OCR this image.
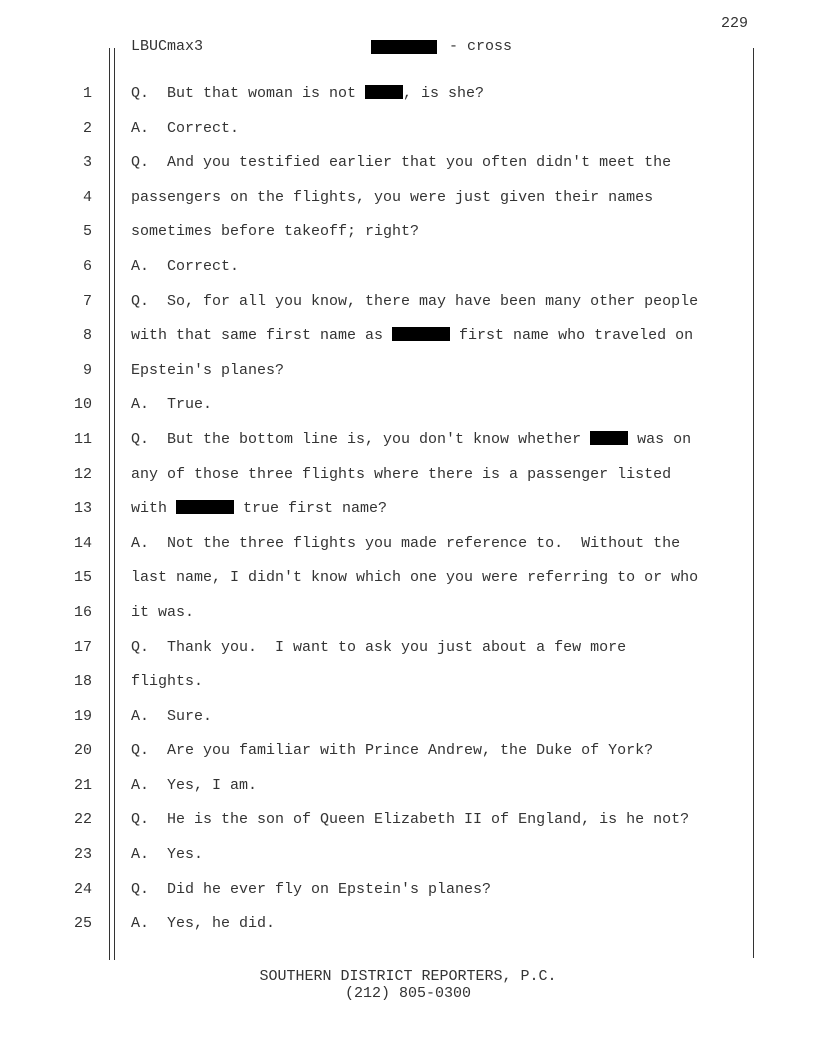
229
LBUCmax3	- cross
1	Q.  But that woman is not	, is she?
2	A.  Correct.
3	Q.  And you testified earlier that you often didn't meet the
4	passengers on the flights, you were just given their names
5	sometimes before takeoff; right?
6	A.  Correct.
7	Q.  So, for all you know, there may have been many other people
8	with that same first name as	first name who traveled on
9	Epstein's planes?
10	A.  True.
11	Q.  But the bottom line is, you don't know whether	was on
12	any of those three flights where there is a passenger listed
13	with	true first name?
14	A.  Not the three flights you made reference to.  Without the
15	last name, I didn't know which one you were referring to or who
16	it was.
17	Q.  Thank you.  I want to ask you just about a few more
18	flights.
19	A.  Sure.
20	Q.  Are you familiar with Prince Andrew, the Duke of York?
21	A.  Yes, I am.
22	Q.  He is the son of Queen Elizabeth II of England, is he not?
23	A.  Yes.
24	Q.  Did he ever fly on Epstein's planes?
25	A.  Yes, he did.
SOUTHERN DISTRICT REPORTERS, P.C.
(212) 805-0300
